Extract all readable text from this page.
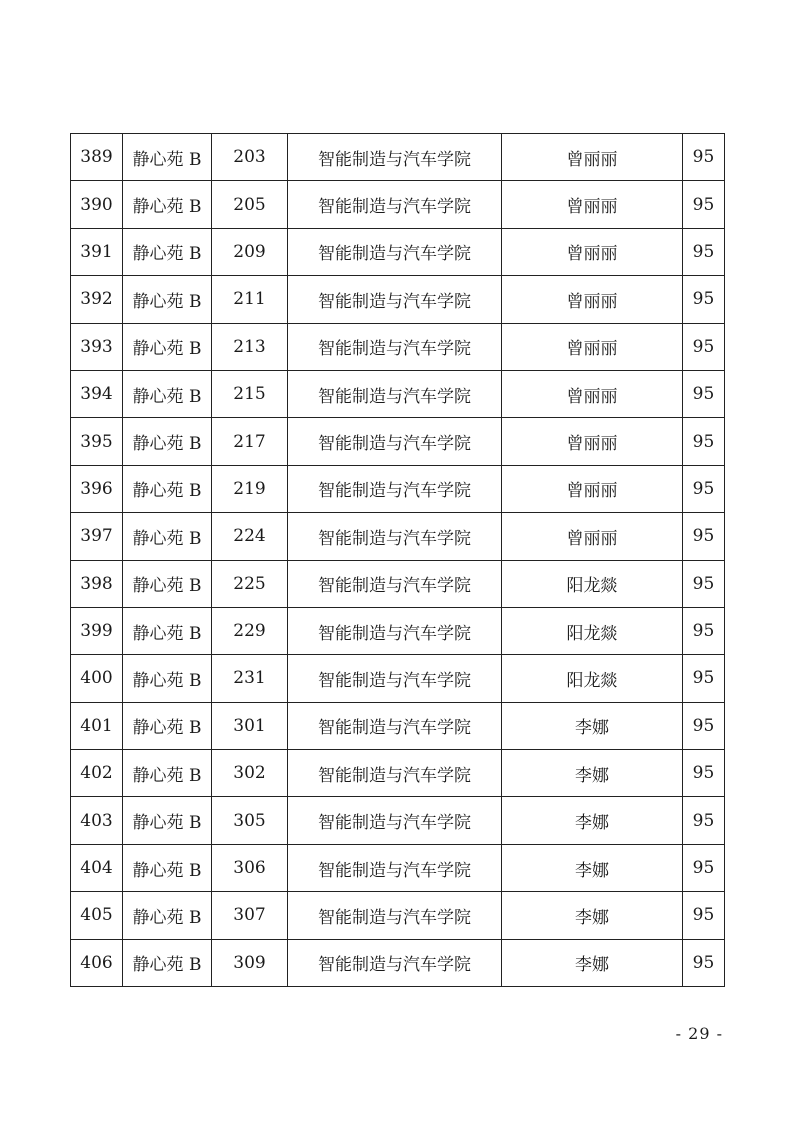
389	静心苑 B	203	智能制造与汽车学院	曾丽丽	95
390	静心苑 B	205	智能制造与汽车学院	曾丽丽	95
391	静心苑 B	209	智能制造与汽车学院	曾丽丽	95
392	静心苑 B	211	智能制造与汽车学院	曾丽丽	95
393	静心苑 B	213	智能制造与汽车学院	曾丽丽	95
394	静心苑 B	215	智能制造与汽车学院	曾丽丽	95
395	静心苑 B	217	智能制造与汽车学院	曾丽丽	95
396	静心苑 B	219	智能制造与汽车学院	曾丽丽	95
397	静心苑 B	224	智能制造与汽车学院	曾丽丽	95
398	静心苑 B	225	智能制造与汽车学院	阳龙燚	95
399	静心苑 B	229	智能制造与汽车学院	阳龙燚	95
400	静心苑 B	231	智能制造与汽车学院	阳龙燚	95
401	静心苑 B	301	智能制造与汽车学院	李娜	95
402	静心苑 B	302	智能制造与汽车学院	李娜	95
403	静心苑 B	305	智能制造与汽车学院	李娜	95
404	静心苑 B	306	智能制造与汽车学院	李娜	95
405	静心苑 B	307	智能制造与汽车学院	李娜	95
406	静心苑 B	309	智能制造与汽车学院	李娜	95
- 29 -
